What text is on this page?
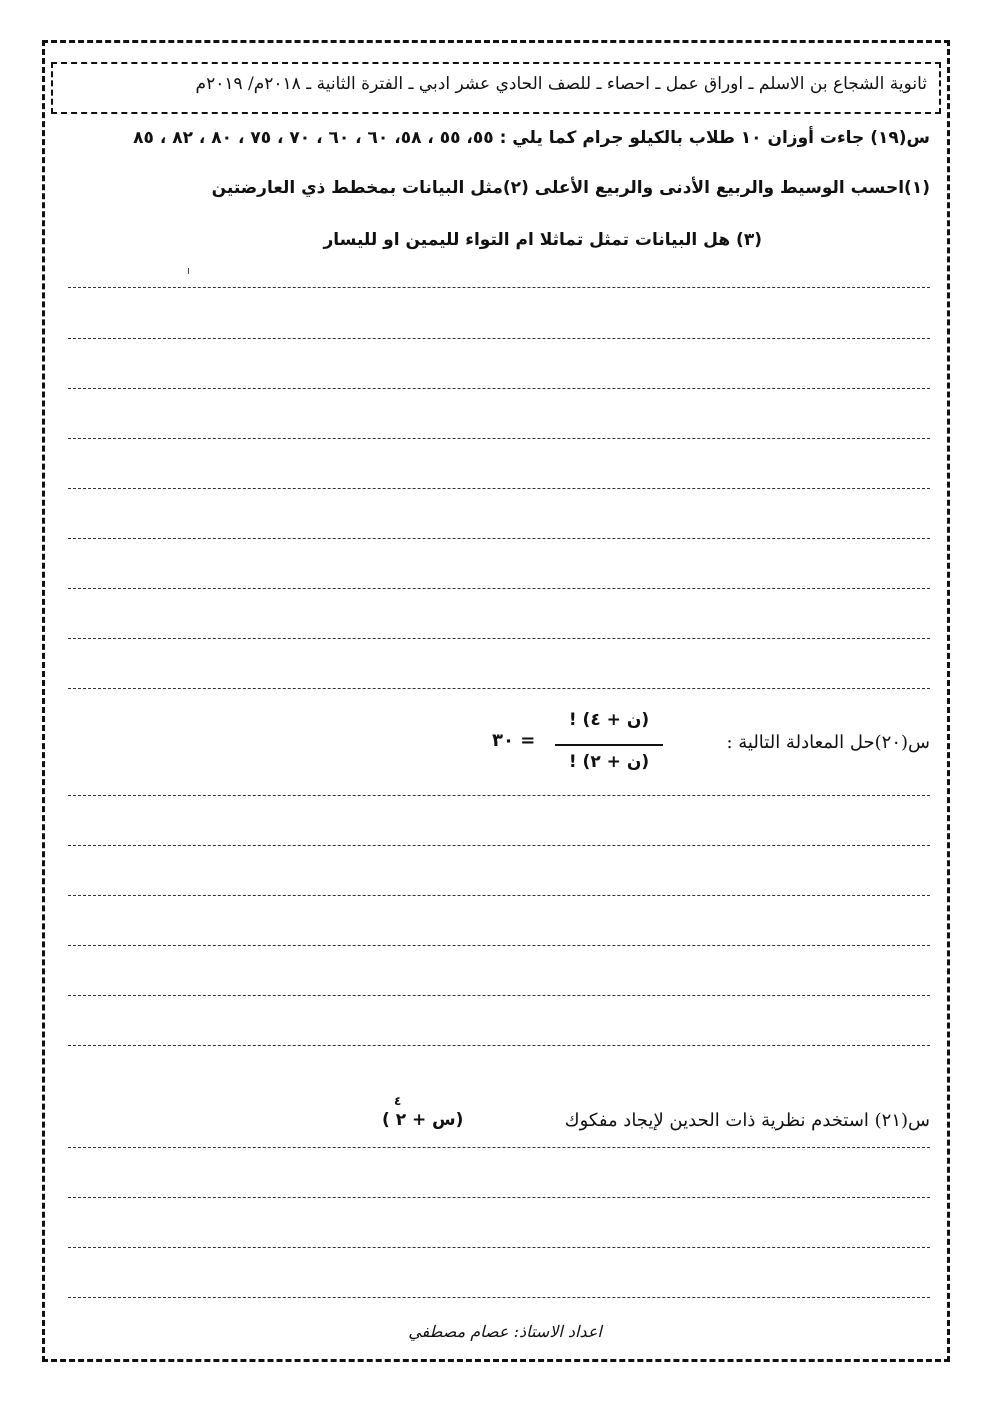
ثانوية الشجاع بن الاسلم ـ اوراق عمل ـ احصاء ـ للصف الحادي عشر ادبي ـ الفترة الثانية ـ ٢٠١٨م/ ٢٠١٩م
س(١٩) جاءت أوزان ١٠ طلاب بالكيلو جرام كما يلي : ٥٥، ٥٥ ، ٥٨، ٦٠ ، ٦٠ ، ٧٠ ، ٧٥ ، ٨٠ ، ٨٢ ، ٨٥
(١)احسب الوسيط والربيع الأدنى والربيع الأعلى (٢)مثل البيانات بمخطط ذي العارضتين
(٣) هل البيانات تمثل تماثلا ام التواء لليمين او لليسار
س(٢٠)حل المعادلة التالية :
(ن + ٤) !
(ن + ٢) !
= ٣٠
س(٢١) استخدم نظرية ذات الحدين لإيجاد مفكوك
(س + ٢ )
٤
اعداد الاستاذ: عصام مصطفي
